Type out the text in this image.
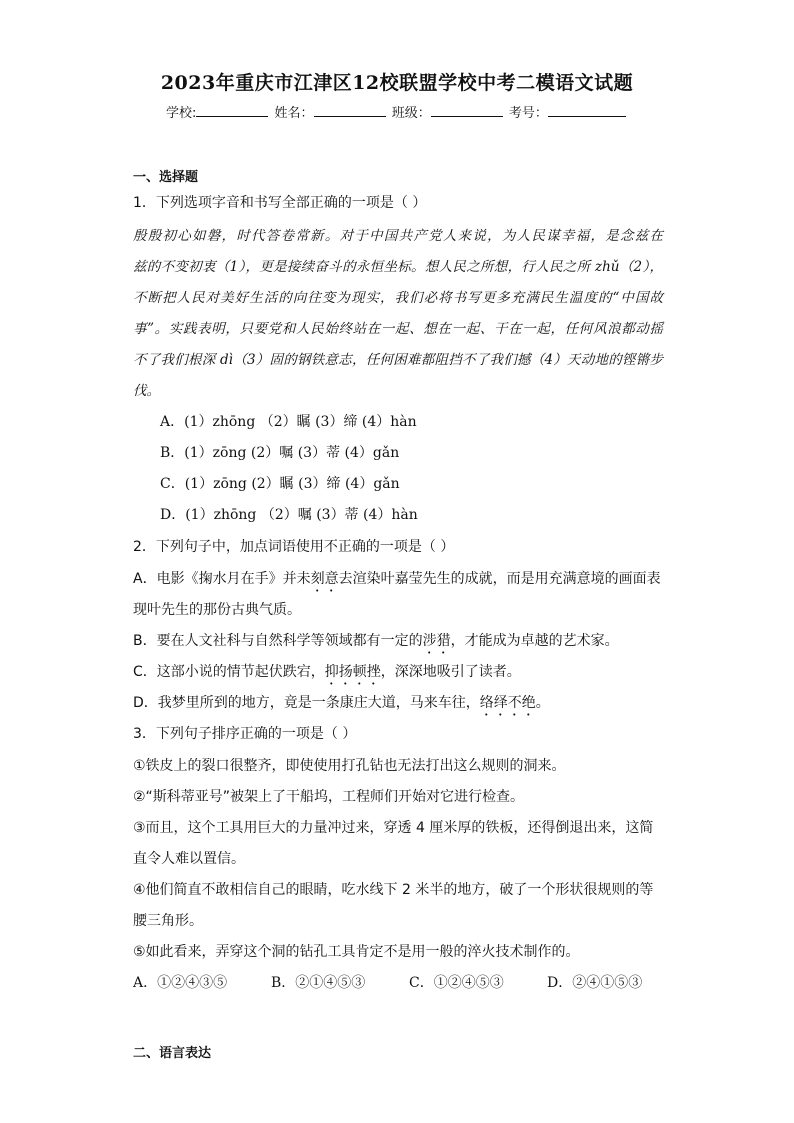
2023年重庆市江津区12校联盟学校中考二模语文试题
学校:	姓名：	班级：	考号：
一、选择题
1．下列选项字音和书写全部正确的一项是（ ）
殷殷初心如磐，时代答卷常新。对于中国共产党人来说，为人民谋幸福，是念兹在
兹的不变初衷（1），更是接续奋斗的永恒坐标。想人民之所想，行人民之所 zhǔ（2），
不断把人民对美好生活的向往变为现实，我们必将书写更多充满民生温度的“中国故
事”。实践表明，只要党和人民始终站在一起、想在一起、干在一起，任何风浪都动摇
不了我们根深 dì（3）固的钢铁意志，任何困难都阻挡不了我们撼（4）天动地的铿锵步
伐。
A．(1）zhōng （2）瞩 (3）缔 (4）hàn
B．(1）zōng (2）嘱 (3）蒂 (4）gǎn
C．(1）zōng (2）瞩 (3）缔 (4）gǎn
D．(1）zhōng （2）嘱 (3）蒂 (4）hàn
2．下列句子中，加点词语使用不正确的一项是（ ）
A．电影《掬水月在手》并未刻意去渲染叶嘉莹先生的成就，而是用充满意境的画面表
现叶先生的那份古典气质。
B．要在人文社科与自然科学等领域都有一定的涉猎，才能成为卓越的艺术家。
C．这部小说的情节起伏跌宕，抑扬顿挫，深深地吸引了读者。
D．我梦里所到的地方，竟是一条康庄大道，马来车往，络绎不绝。
3．下列句子排序正确的一项是（ ）
①铁皮上的裂口很整齐，即使使用打孔钻也无法打出这么规则的洞来。
②“斯科蒂亚号”被架上了干船坞，工程师们开始对它进行检查。
③而且，这个工具用巨大的力量冲过来，穿透 4 厘米厚的铁板，还得倒退出来，这简
直令人难以置信。
④他们简直不敢相信自己的眼睛，吃水线下 2 米半的地方，破了一个形状很规则的等
腰三角形。
⑤如此看来，弄穿这个洞的钻孔工具肯定不是用一般的淬火技术制作的。
A．①②④③⑤	B．②①④⑤③	C．①②④⑤③	D．②④①⑤③
二、语言表达
